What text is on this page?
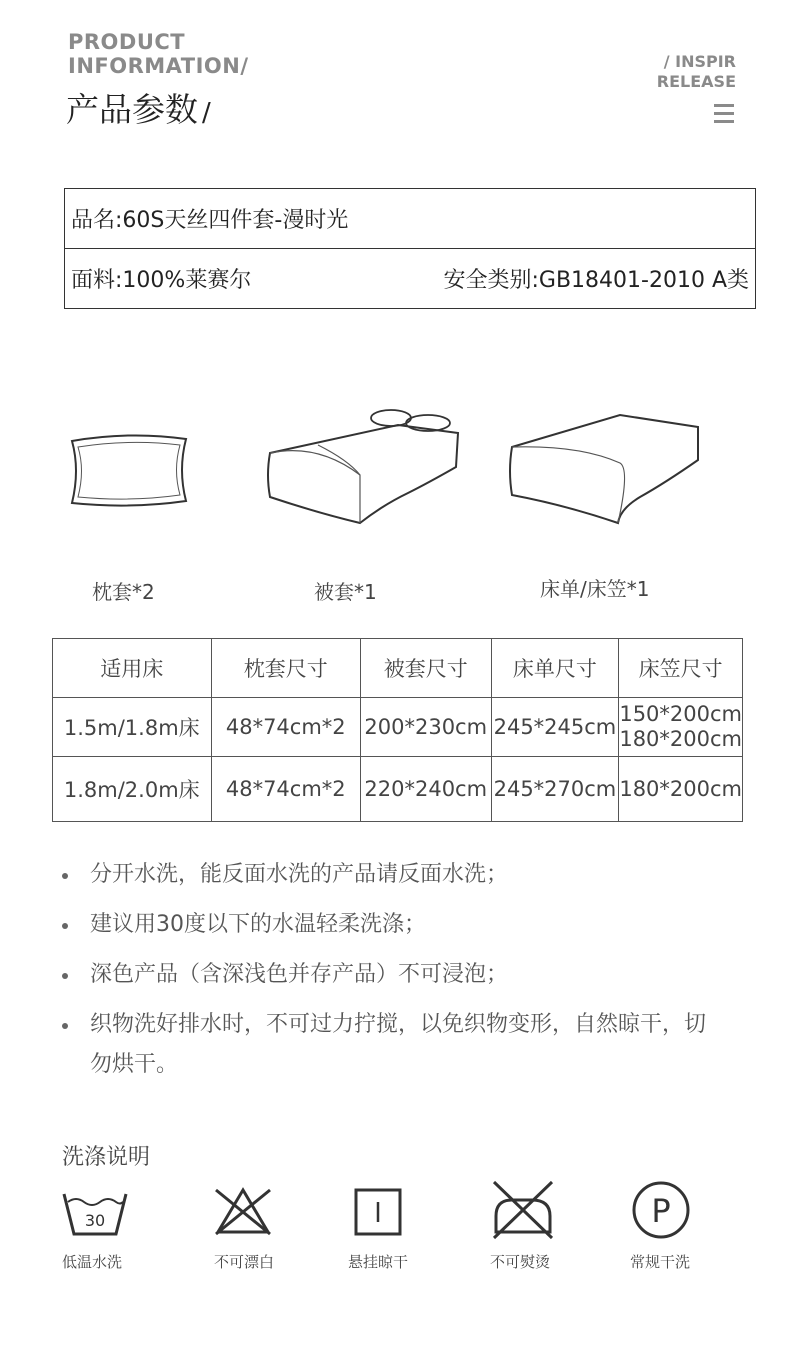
PRODUCT
INFORMATION/
产品参数 /
/ INSPIR
RELEASE
品名: 60S天丝四件套-漫时光
面料:100%莱赛尔	安全类别:GB18401-2010 A类
枕套*2	被套*1	床单/床笠*1
适用床	枕套尺寸	被套尺寸	床单尺寸	床笠尺寸
1.5m/1.8m床	48*74cm*2	200*230cm	245*245cm	150*200cm
180*200cm

1.8m/2.0m床	48*74cm*2	220*240cm	245*270cm	180*200cm
分开水洗，能反面水洗的产品请反面水洗；
建议用30度以下的水温轻柔洗涤；
深色产品（含深浅色并存产品）不可浸泡；
织物洗好排水时，不可过力拧搅，以免织物变形，自然晾干，切勿烘干。
洗涤说明
30	P
低温水洗	不可漂白	悬挂晾干	不可熨烫	常规干洗
